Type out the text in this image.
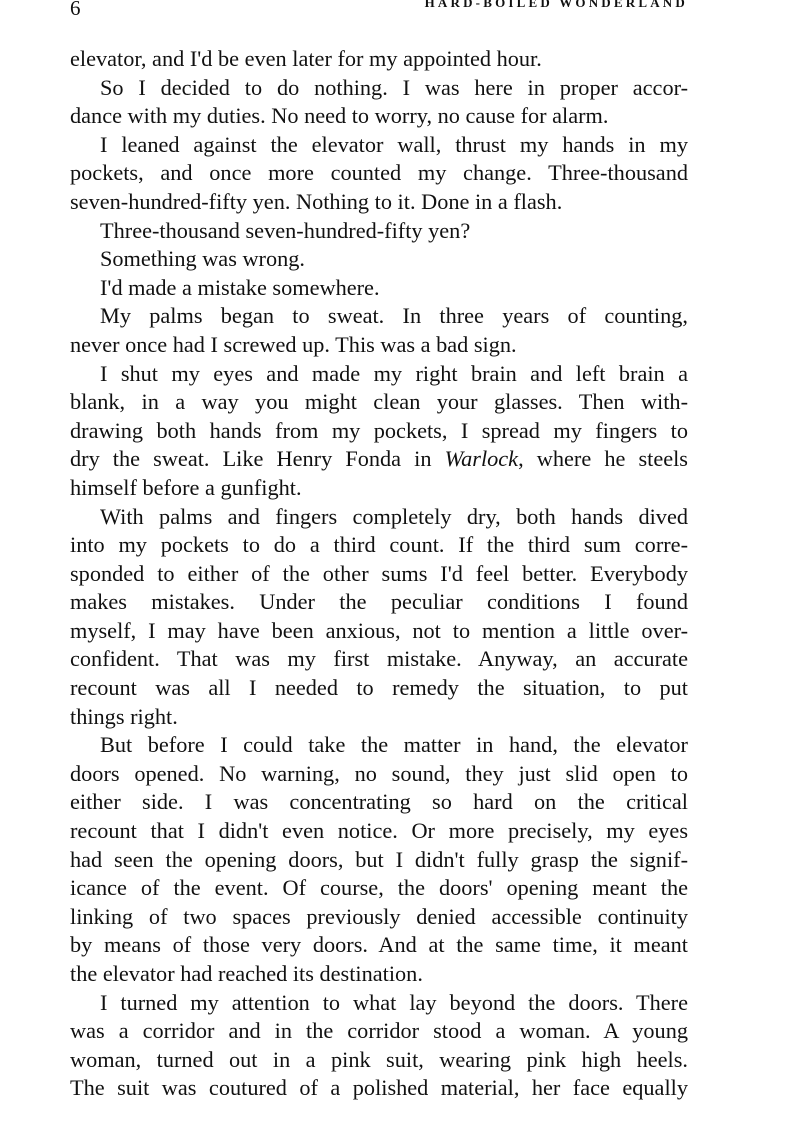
6	HARD-BOILED WONDERLAND
elevator, and I'd be even later for my appointed hour.
So I decided to do nothing. I was here in proper accor-
dance with my duties. No need to worry, no cause for alarm.
I leaned against the elevator wall, thrust my hands in my
pockets, and once more counted my change. Three-thousand
seven-hundred-fifty yen. Nothing to it. Done in a flash.
Three-thousand seven-hundred-fifty yen?
Something was wrong.
I'd made a mistake somewhere.
My palms began to sweat. In three years of counting,
never once had I screwed up. This was a bad sign.
I shut my eyes and made my right brain and left brain a
blank, in a way you might clean your glasses. Then with-
drawing both hands from my pockets, I spread my fingers to
dry the sweat. Like Henry Fonda in Warlock, where he steels
himself before a gunfight.
With palms and fingers completely dry, both hands dived
into my pockets to do a third count. If the third sum corre-
sponded to either of the other sums I'd feel better. Everybody
makes mistakes. Under the peculiar conditions I found
myself, I may have been anxious, not to mention a little over-
confident. That was my first mistake. Anyway, an accurate
recount was all I needed to remedy the situation, to put
things right.
But before I could take the matter in hand, the elevator
doors opened. No warning, no sound, they just slid open to
either side. I was concentrating so hard on the critical
recount that I didn't even notice. Or more precisely, my eyes
had seen the opening doors, but I didn't fully grasp the signif-
icance of the event. Of course, the doors' opening meant the
linking of two spaces previously denied accessible continuity
by means of those very doors. And at the same time, it meant
the elevator had reached its destination.
I turned my attention to what lay beyond the doors. There
was a corridor and in the corridor stood a woman. A young
woman, turned out in a pink suit, wearing pink high heels.
The suit was coutured of a polished material, her face equally
